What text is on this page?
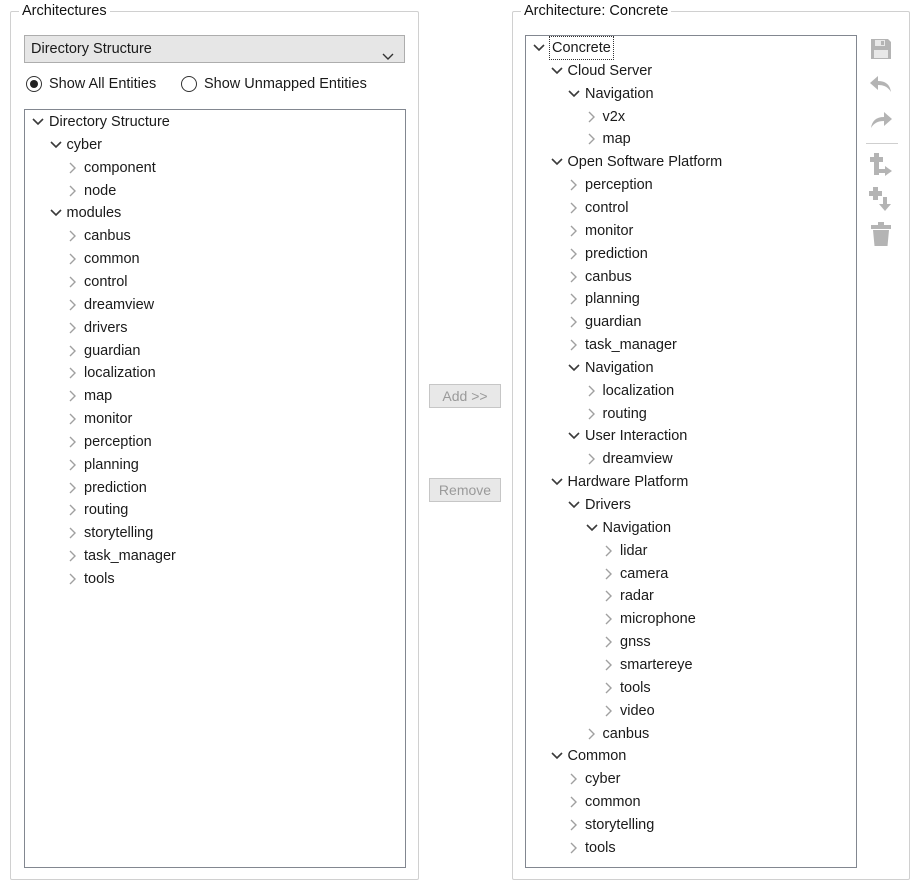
Architectures
Directory Structure
Show All Entities	Show Unmapped Entities
Directory Structure
cyber
component
node
modules
canbus
common
control
dreamview
drivers
guardian
localization
map
monitor
perception
planning
prediction
routing
storytelling
task_manager
tools
Add >>
Remove
Architecture: Concrete
Concrete
Cloud Server
Navigation
v2x
map
Open Software Platform
perception
control
monitor
prediction
canbus
planning
guardian
task_manager
Navigation
localization
routing
User Interaction
dreamview
Hardware Platform
Drivers
Navigation
lidar
camera
radar
microphone
gnss
smartereye
tools
video
canbus
Common
cyber
common
storytelling
tools
